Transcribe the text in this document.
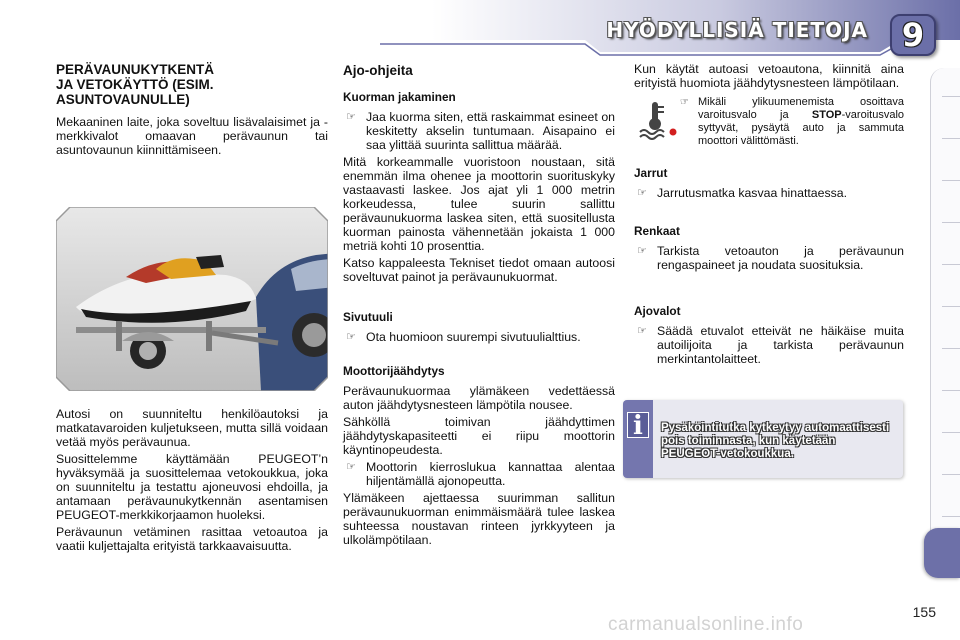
HYÖDYLLISIÄ TIETOJA	9
PERÄVAUNUKYTKENTÄ
JA VETOKÄYTTÖ (ESIM.
ASUNTOVAUNULLE)

Mekaaninen laite, joka soveltuu lisävalaisimet ja -merkkivalot omaavan perävaunun tai asuntovaunun kiinnittämiseen.

Autosi on suunniteltu henkilöautoksi ja matkatavaroiden kuljetukseen, mutta sillä voidaan vetää myös perävaunua.

Suosittelemme käyttämään PEUGEOT’n hyväksymää ja suosittelemaa vetokoukkua, joka on suunniteltu ja testattu ajoneuvosi ehdoilla, ja antamaan perävaunukytkennän asentamisen PEUGEOT-merkkikorjaamon huoleksi.

Perävaunun vetäminen rasittaa vetoautoa ja vaatii kuljettajalta erityistä tarkkaavaisuutta.

Ajo-ohjeita
Kuorman jakaminen
☞ Jaa kuorma siten, että raskaimmat esineet on keskitetty akselin tuntumaan. Aisapaino ei saa ylittää suurinta sallittua määrää.

Mitä korkeammalle vuoristoon noustaan, sitä enemmän ilma ohenee ja moottorin suorituskyky vastaavasti laskee. Jos ajat yli 1 000 metrin korkeudessa, tulee suurin sallittu perävaunukuorma laskea siten, että suositellusta kuorman painosta vähennetään jokaista 1 000 metriä kohti 10 prosenttia.

Katso kappaleesta Tekniset tiedot omaan autoosi soveltuvat painot ja perävaunukuormat.

Sivutuuli
☞ Ota huomioon suurempi sivutuulialttius.
Moottorijäähdytys

Perävaunukuormaa ylämäkeen vedettäessä auton jäähdytysnesteen lämpötila nousee.

Sähköllä toimivan jäähdyttimen jäähdytyskapasiteetti ei riipu moottorin käyntinopeudesta.

☞ Moottorin kierroslukua kannattaa alentaa hiljentämällä ajonopeutta.

Ylämäkeen ajettaessa suurimman sallitun perävaunukuorman enimmäismäärä tulee laskea suhteessa noustavan rinteen jyrkkyyteen ja ulkolämpötilaan.

Kun käytät autoasi vetoautona, kiinnitä aina erityistä huomiota jäähdytysnesteen lämpötilaan.

☞ Mikäli ylikuumenemista osoittava varoitusvalo ja STOP-varoitusvalo syttyvät, pysäytä auto ja sammuta moottori välittömästi.
Jarrut
☞ Jarrutusmatka kasvaa hinattaessa.
Renkaat
☞ Tarkista vetoauton ja perävaunun rengaspaineet ja noudata suosituksia.
Ajovalot
☞ Säädä etuvalot etteivät ne häikäise muita autoilijoita ja tarkista perävaunun merkintantolaitteet.
i	Pysäköintitutka kytkeytyy automaattisesti pois toiminnasta, kun käytetään PEUGEOT-vetokoukkua.
155
carmanualsonline.info
